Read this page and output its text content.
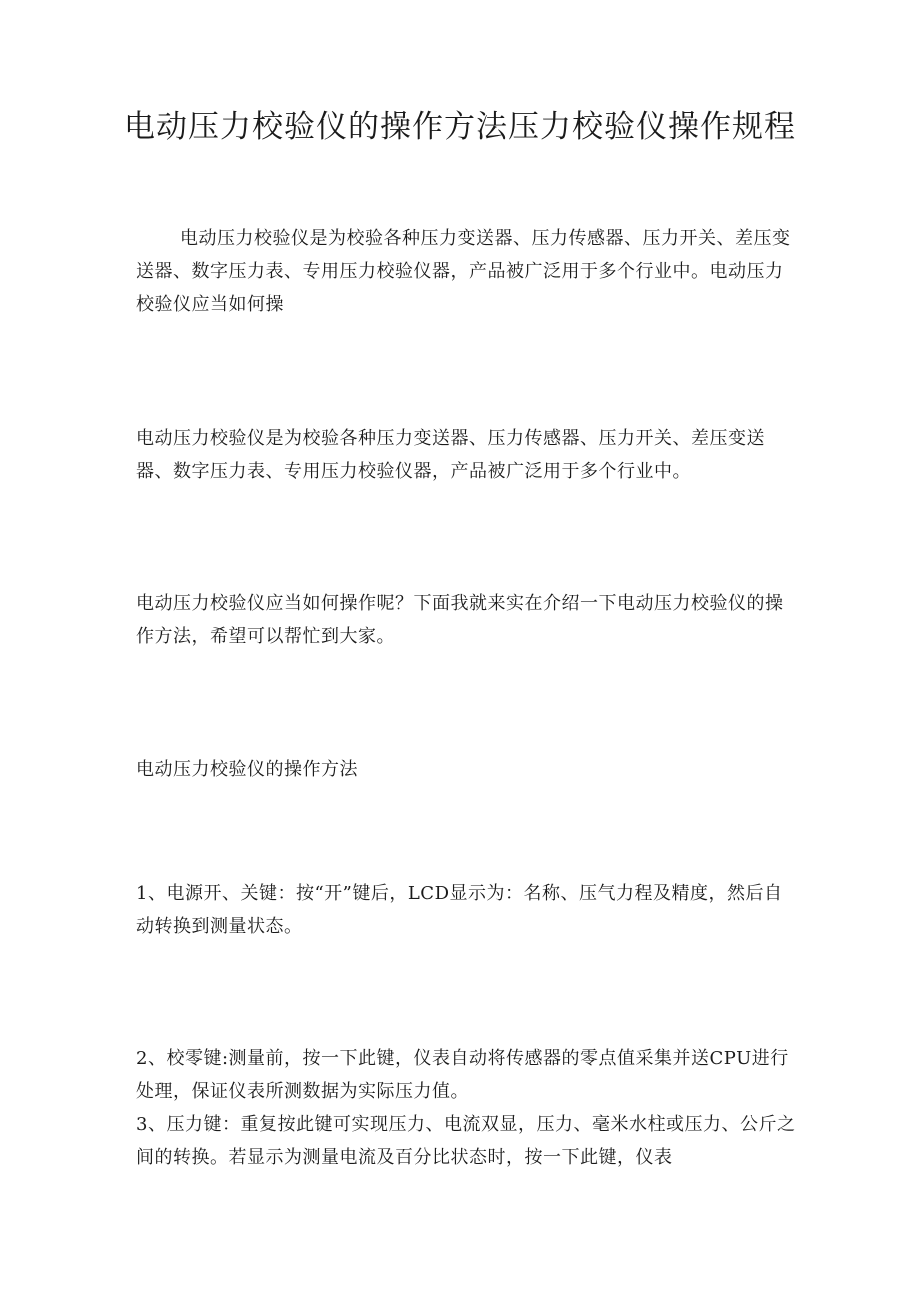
电动压力校验仪的操作方法压力校验仪操作规程

电动压力校验仪是为校验各种压力变送器、压力传感器、压力开关、差压变送器、数字压力表、专用压力校验仪器，产品被广泛用于多个行业中。电动压力校验仪应当如何操

电动压力校验仪是为校验各种压力变送器、压力传感器、压力开关、差压变送器、数字压力表、专用压力校验仪器，产品被广泛用于多个行业中。

电动压力校验仪应当如何操作呢？下面我就来实在介绍一下电动压力校验仪的操作方法，希望可以帮忙到大家。

电动压力校验仪的操作方法

1、电源开、关键：按“开”键后，LCD显示为：名称、压气力程及精度，然后自动转换到测量状态。

2、校零键:测量前，按一下此键，仪表自动将传感器的零点值采集并送CPU进行处理，保证仪表所测数据为实际压力值。

3、压力键：重复按此键可实现压力、电流双显，压力、毫米水柱或压力、公斤之间的转换。若显示为测量电流及百分比状态时，按一下此键，仪表
